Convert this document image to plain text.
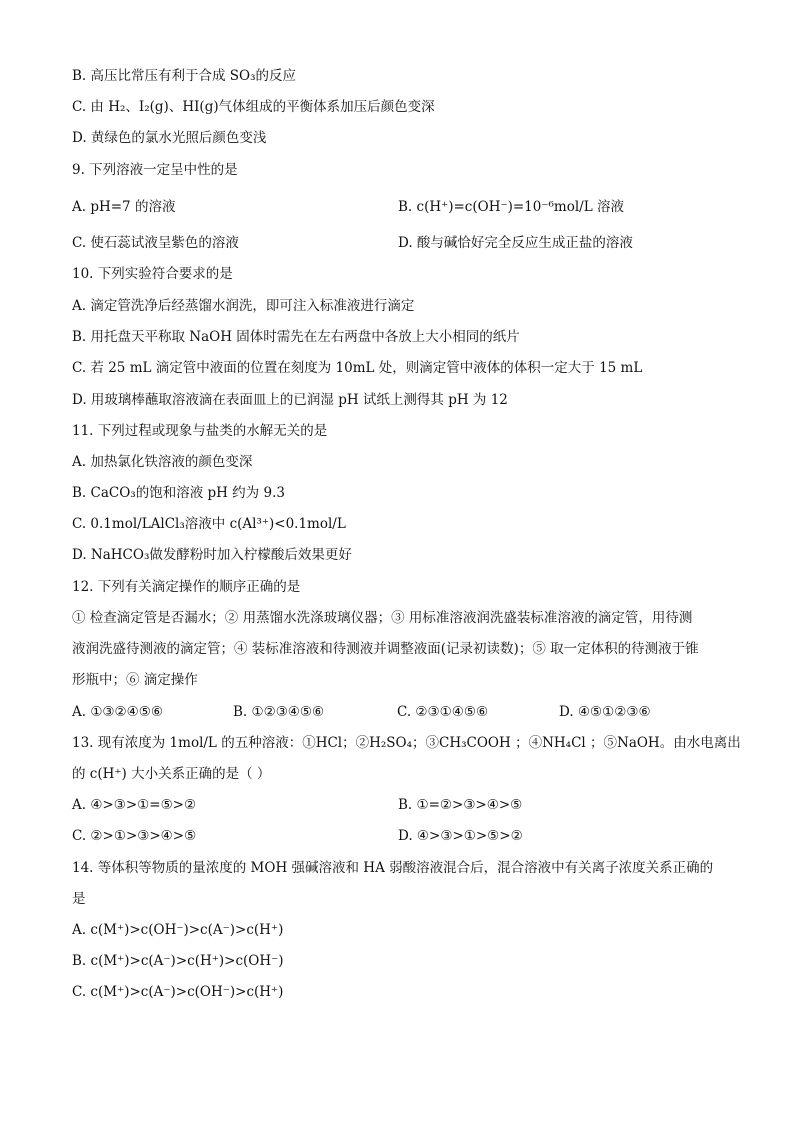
B. 高压比常压有利于合成 SO₃的反应
C. 由 H₂、I₂(g)、HI(g)气体组成的平衡体系加压后颜色变深
D. 黄绿色的氯水光照后颜色变浅
9. 下列溶液一定呈中性的是
A. pH=7 的溶液	B. c(H⁺)=c(OH⁻)=10⁻⁶mol/L 溶液
C. 使石蕊试液呈紫色的溶液	D. 酸与碱恰好完全反应生成正盐的溶液
10. 下列实验符合要求的是
A. 滴定管洗净后经蒸馏水润洗，即可注入标准液进行滴定
B. 用托盘天平称取 NaOH 固体时需先在左右两盘中各放上大小相同的纸片
C. 若 25 mL 滴定管中液面的位置在刻度为 10mL 处，则滴定管中液体的体积一定大于 15 mL
D. 用玻璃棒蘸取溶液滴在表面皿上的已润湿 pH 试纸上测得其 pH 为 12
11. 下列过程或现象与盐类的水解无关的是
A. 加热氯化铁溶液的颜色变深
B. CaCO₃的饱和溶液 pH 约为 9.3
C. 0.1mol/LAlCl₃溶液中 c(Al³⁺)<0.1mol/L
D. NaHCO₃做发酵粉时加入柠檬酸后效果更好
12. 下列有关滴定操作的顺序正确的是
① 检查滴定管是否漏水；② 用蒸馏水洗涤玻璃仪器；③ 用标准溶液润洗盛装标准溶液的滴定管，用待测
液润洗盛待测液的滴定管；④ 装标准溶液和待测液并调整液面(记录初读数)；⑤ 取一定体积的待测液于锥
形瓶中；⑥ 滴定操作
A. ①③②④⑤⑥	B. ①②③④⑤⑥	C. ②③①④⑤⑥	D. ④⑤①②③⑥
13. 现有浓度为 1mol/L 的五种溶液：①HCl；②H₂SO₄；③CH₃COOH ；④NH₄Cl ；⑤NaOH。由水电离出
的 c(H⁺) 大小关系正确的是（ ）
A. ④>③>①=⑤>②	B. ①=②>③>④>⑤
C. ②>①>③>④>⑤	D. ④>③>①>⑤>②
14. 等体积等物质的量浓度的 MOH 强碱溶液和 HA 弱酸溶液混合后，混合溶液中有关离子浓度关系正确的
是
A. c(M⁺)>c(OH⁻)>c(A⁻)>c(H⁺)
B. c(M⁺)>c(A⁻)>c(H⁺)>c(OH⁻)
C. c(M⁺)>c(A⁻)>c(OH⁻)>c(H⁺)
